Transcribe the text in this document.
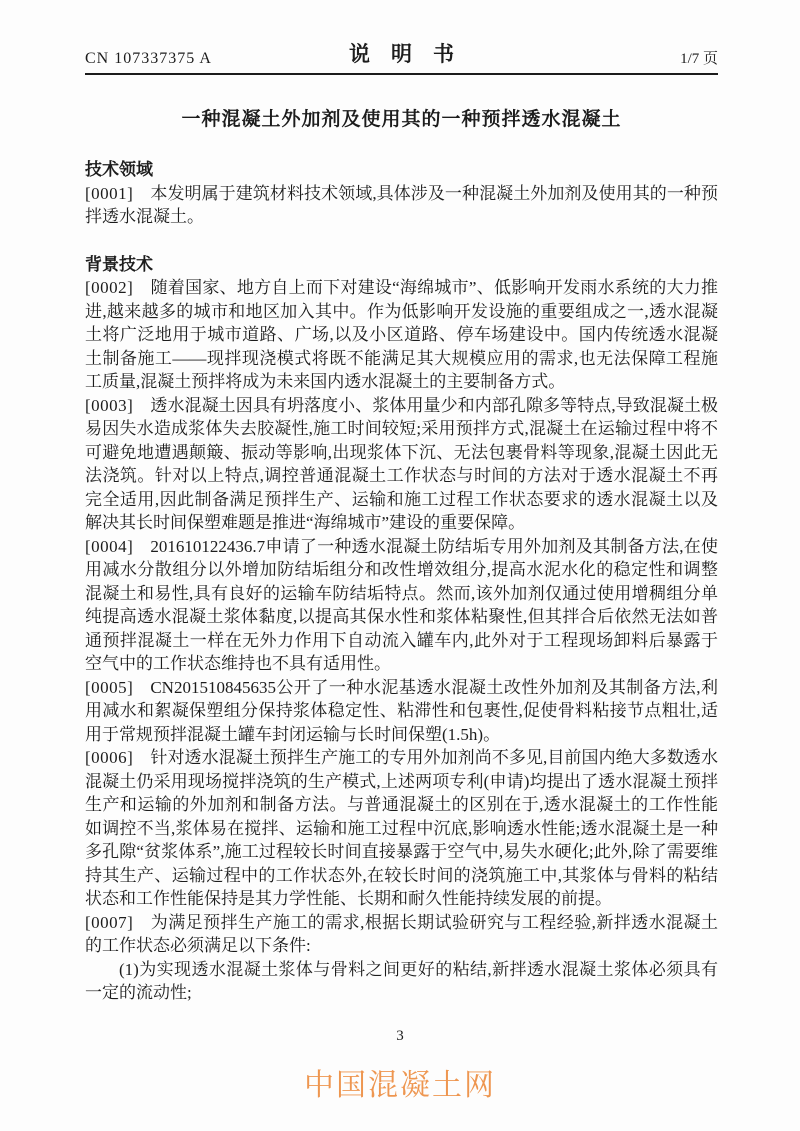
CN 107337375 A	说　明　书	1/7 页
一种混凝土外加剂及使用其的一种预拌透水混凝土
技术领域

[0001] 本发明属于建筑材料技术领域,具体涉及一种混凝土外加剂及使用其的一种预拌透水混凝土。

背景技术

[0002] 随着国家、地方自上而下对建设“海绵城市”、低影响开发雨水系统的大力推进,越来越多的城市和地区加入其中。作为低影响开发设施的重要组成之一,透水混凝土将广泛地用于城市道路、广场,以及小区道路、停车场建设中。国内传统透水混凝土制备施工——现拌现浇模式将既不能满足其大规模应用的需求,也无法保障工程施工质量,混凝土预拌将成为未来国内透水混凝土的主要制备方式。

[0003] 透水混凝土因具有坍落度小、浆体用量少和内部孔隙多等特点,导致混凝土极易因失水造成浆体失去胶凝性,施工时间较短;采用预拌方式,混凝土在运输过程中将不可避免地遭遇颠簸、振动等影响,出现浆体下沉、无法包裹骨料等现象,混凝土因此无法浇筑。针对以上特点,调控普通混凝土工作状态与时间的方法对于透水混凝土不再完全适用,因此制备满足预拌生产、运输和施工过程工作状态要求的透水混凝土以及解决其长时间保塑难题是推进“海绵城市”建设的重要保障。

[0004] 201610122436.7申请了一种透水混凝土防结垢专用外加剂及其制备方法,在使用减水分散组分以外增加防结垢组分和改性增效组分,提高水泥水化的稳定性和调整混凝土和易性,具有良好的运输车防结垢特点。然而,该外加剂仅通过使用增稠组分单纯提高透水混凝土浆体黏度,以提高其保水性和浆体粘聚性,但其拌合后依然无法如普通预拌混凝土一样在无外力作用下自动流入罐车内,此外对于工程现场卸料后暴露于空气中的工作状态维持也不具有适用性。

[0005] CN201510845635公开了一种水泥基透水混凝土改性外加剂及其制备方法,利用减水和絮凝保塑组分保持浆体稳定性、粘滞性和包裹性,促使骨料粘接节点粗壮,适用于常规预拌混凝土罐车封闭运输与长时间保塑(1.5h)。

[0006] 针对透水混凝土预拌生产施工的专用外加剂尚不多见,目前国内绝大多数透水混凝土仍采用现场搅拌浇筑的生产模式,上述两项专利(申请)均提出了透水混凝土预拌生产和运输的外加剂和制备方法。与普通混凝土的区别在于,透水混凝土的工作性能如调控不当,浆体易在搅拌、运输和施工过程中沉底,影响透水性能;透水混凝土是一种多孔隙“贫浆体系”,施工过程较长时间直接暴露于空气中,易失水硬化;此外,除了需要维持其生产、运输过程中的工作状态外,在较长时间的浇筑施工中,其浆体与骨料的粘结状态和工作性能保持是其力学性能、长期和耐久性能持续发展的前提。

[0007] 为满足预拌生产施工的需求,根据长期试验研究与工程经验,新拌透水混凝土的工作状态必须满足以下条件:

(1)为实现透水混凝土浆体与骨料之间更好的粘结,新拌透水混凝土浆体必须具有一定的流动性;

3
中国混凝土网
